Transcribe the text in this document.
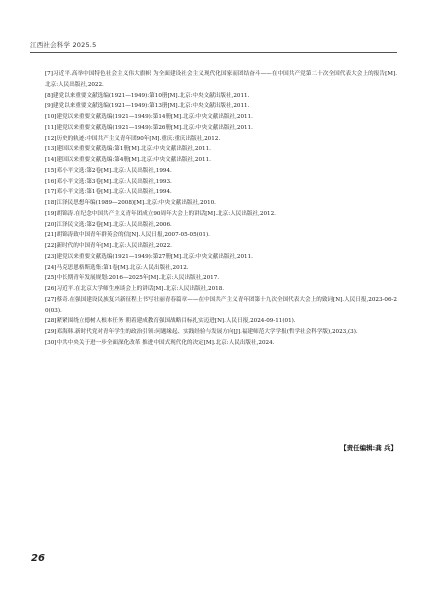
江西社会科学 2025.5
[7]习近平.高举中国特色社会主义伟大旗帜 为全面建设社会主义现代化国家而团结奋斗——在中国共产党第二十次全国代表大会上的报告[M].北京:人民出版社,2022.
[8]建党以来重要文献选编(1921—1949):第10册[M].北京:中央文献出版社,2011.
[9]建党以来重要文献选编(1921—1949):第13册[M].北京:中央文献出版社,2011.
[10]建党以来重要文献选编(1921—1949):第14册[M].北京:中央文献出版社,2011.
[11]建党以来重要文献选编(1921—1949):第26册[M].北京:中央文献出版社,2011.
[12]历史的轨迹:中国共产主义青年团90年[M].重庆:重庆出版社,2012.
[13]建国以来重要文献选编:第1册[M].北京:中央文献出版社,2011.
[14]建国以来重要文献选编:第4册[M].北京:中央文献出版社,2011.
[15]邓小平文选:第2卷[M].北京:人民出版社,1994.
[16]邓小平文选:第3卷[M].北京:人民出版社,1993.
[17]邓小平文选:第1卷[M].北京:人民出版社,1994.
[18]江泽民思想年编(1989—2008)[M].北京:中央文献出版社,2010.
[19]胡锦涛.在纪念中国共产主义青年团成立90周年大会上的讲话[M].北京:人民出版社,2012.
[20]江泽民文选:第2卷[M].北京:人民出版社,2006.
[21]胡锦涛致中国青年群英会的信[N].人民日报,2007-05-05(01).
[22]新时代的中国青年[M].北京:人民出版社,2022.
[23]建党以来重要文献选编(1921—1949):第27册[M].北京:中央文献出版社,2011.
[24]马克思恩格斯选集:第1卷[M].北京:人民出版社,2012.
[25]中长期青年发展规划:2016—2025年[M].北京:人民出版社,2017.
[26]习近平.在北京大学师生座谈会上的讲话[M].北京:人民出版社,2018.
[27]蔡奇.在强国建设民族复兴新征程上书写壮丽青春篇章——在中国共产主义青年团第十九次全国代表大会上的致词[N].人民日报,2023-06-20(03).
[28]紧紧围绕立德树人根本任务 朝着建成教育强国战略目标扎实迈进[N].人民日报,2024-09-11(01).
[29]邓海韩.新时代党对青年学生的政治引领:问题缘起、实践经验与发展方向[J].福建师范大学学报(哲学社会科学版),2023,(3).
[30]中共中央关于进一步全面深化改革 推进中国式现代化的决定[M].北京:人民出版社,2024.
【责任编辑:龚 兵】
26
